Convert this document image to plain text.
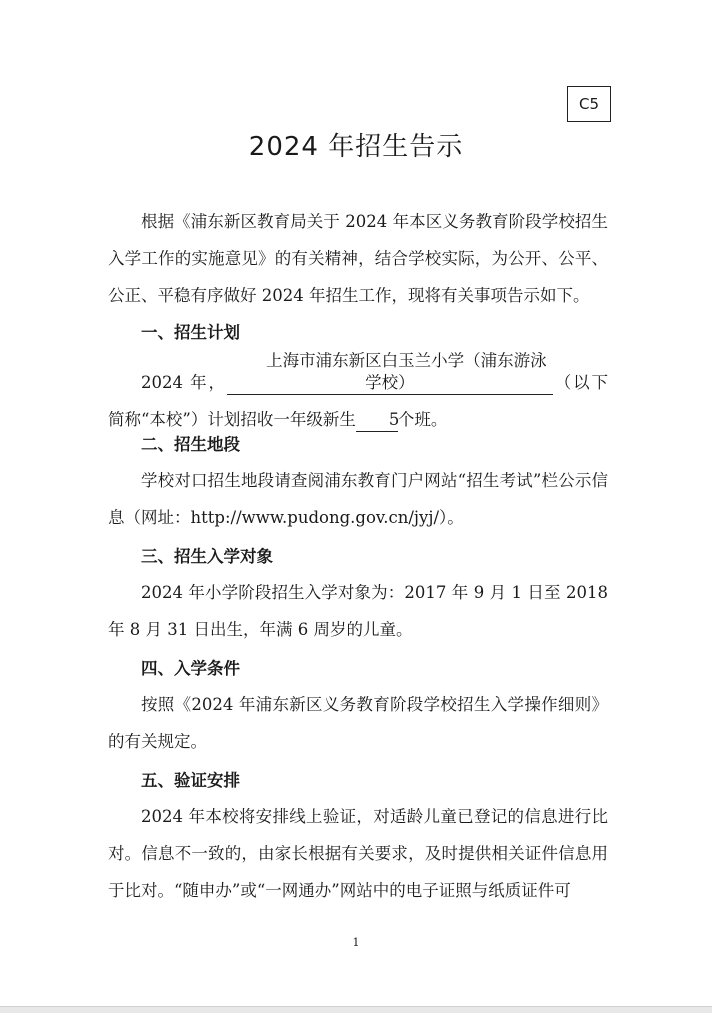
C5
2024 年招生告示

根据《浦东新区教育局关于 2024 年本区义务教育阶段学校招生入学工作的实施意见》的有关精神，结合学校实际，为公开、公平、公正、平稳有序做好 2024 年招生工作，现将有关事项告示如下。

一、招生计划

2024 年，上海市浦东新区白玉兰小学（浦东游泳学校）	（以下简称“本校”）计划招收一年级新生 5个班。

二、招生地段

学校对口招生地段请查阅浦东教育门户网站“招生考试”栏公示信息（网址：http://www.pudong.gov.cn/jyj/）。

三、招生入学对象

2024 年小学阶段招生入学对象为：2017 年 9 月 1 日至 2018 年 8 月 31 日出生，年满 6 周岁的儿童。

四、入学条件

按照《2024 年浦东新区义务教育阶段学校招生入学操作细则》的有关规定。

五、验证安排

2024 年本校将安排线上验证，对适龄儿童已登记的信息进行比对。信息不一致的，由家长根据有关要求，及时提供相关证件信息用于比对。“随申办”或“一网通办”网站中的电子证照与纸质证件可

1
